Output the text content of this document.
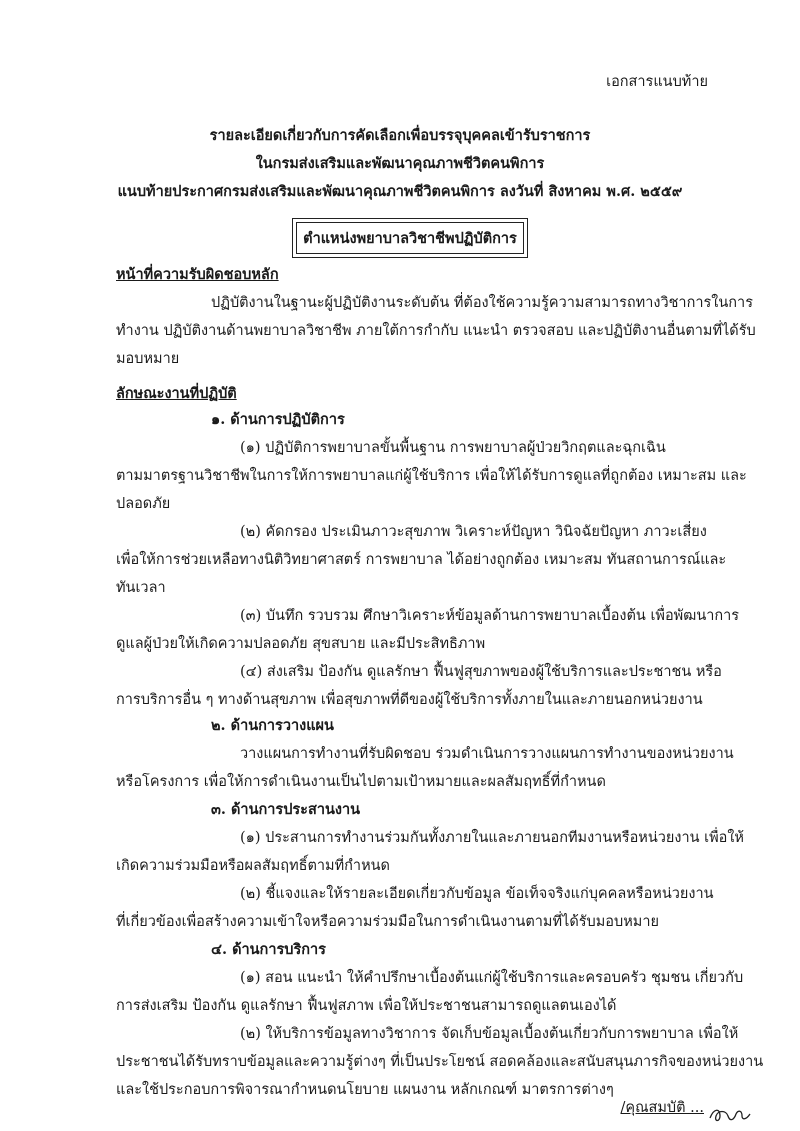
เอกสารแนบท้าย
รายละเอียดเกี่ยวกับการคัดเลือกเพื่อบรรจุบุคคลเข้ารับราชการ
ในกรมส่งเสริมและพัฒนาคุณภาพชีวิตคนพิการ
แนบท้ายประกาศกรมส่งเสริมและพัฒนาคุณภาพชีวิตคนพิการ ลงวันที่ สิงหาคม พ.ศ. ๒๕๕๙
ตำแหน่งพยาบาลวิชาชีพปฏิบัติการ
หน้าที่ความรับผิดชอบหลัก
ปฏิบัติงานในฐานะผู้ปฏิบัติงานระดับต้น ที่ต้องใช้ความรู้ความสามารถทางวิชาการในการ
ทำงาน ปฏิบัติงานด้านพยาบาลวิชาชีพ ภายใต้การกำกับ แนะนำ ตรวจสอบ และปฏิบัติงานอื่นตามที่ได้รับ
มอบหมาย
ลักษณะงานที่ปฏิบัติ
๑. ด้านการปฏิบัติการ
(๑) ปฏิบัติการพยาบาลขั้นพื้นฐาน การพยาบาลผู้ป่วยวิกฤตและฉุกเฉิน
ตามมาตรฐานวิชาชีพในการให้การพยาบาลแก่ผู้ใช้บริการ เพื่อให้ได้รับการดูแลที่ถูกต้อง เหมาะสม และ
ปลอดภัย
(๒) คัดกรอง ประเมินภาวะสุขภาพ วิเคราะห์ปัญหา วินิจฉัยปัญหา ภาวะเสี่ยง
เพื่อให้การช่วยเหลือทางนิติวิทยาศาสตร์ การพยาบาล ได้อย่างถูกต้อง เหมาะสม ทันสถานการณ์และ
ทันเวลา
(๓) บันทึก รวบรวม ศึกษาวิเคราะห์ข้อมูลด้านการพยาบาลเบื้องต้น เพื่อพัฒนาการ
ดูแลผู้ป่วยให้เกิดความปลอดภัย สุขสบาย และมีประสิทธิภาพ
(๔) ส่งเสริม ป้องกัน ดูแลรักษา ฟื้นฟูสุขภาพของผู้ใช้บริการและประชาชน หรือ
การบริการอื่น ๆ ทางด้านสุขภาพ เพื่อสุขภาพที่ดีของผู้ใช้บริการทั้งภายในและภายนอกหน่วยงาน
๒. ด้านการวางแผน
วางแผนการทำงานที่รับผิดชอบ ร่วมดำเนินการวางแผนการทำงานของหน่วยงาน
หรือโครงการ เพื่อให้การดำเนินงานเป็นไปตามเป้าหมายและผลสัมฤทธิ์ที่กำหนด
๓. ด้านการประสานงาน
(๑) ประสานการทำงานร่วมกันทั้งภายในและภายนอกทีมงานหรือหน่วยงาน เพื่อให้
เกิดความร่วมมือหรือผลสัมฤทธิ์ตามที่กำหนด
(๒) ชี้แจงและให้รายละเอียดเกี่ยวกับข้อมูล ข้อเท็จจริงแก่บุคคลหรือหน่วยงาน
ที่เกี่ยวข้องเพื่อสร้างความเข้าใจหรือความร่วมมือในการดำเนินงานตามที่ได้รับมอบหมาย
๔. ด้านการบริการ
(๑) สอน แนะนำ ให้คำปรึกษาเบื้องต้นแก่ผู้ใช้บริการและครอบครัว ชุมชน เกี่ยวกับ
การส่งเสริม ป้องกัน ดูแลรักษา ฟื้นฟูสภาพ เพื่อให้ประชาชนสามารถดูแลตนเองได้
(๒) ให้บริการข้อมูลทางวิชาการ จัดเก็บข้อมูลเบื้องต้นเกี่ยวกับการพยาบาล เพื่อให้
ประชาชนได้รับทราบข้อมูลและความรู้ต่างๆ ที่เป็นประโยชน์ สอดคล้องและสนับสนุนภารกิจของหน่วยงาน
และใช้ประกอบการพิจารณากำหนดนโยบาย แผนงาน หลักเกณฑ์ มาตรการต่างๆ
/คุณสมบัติ ...
